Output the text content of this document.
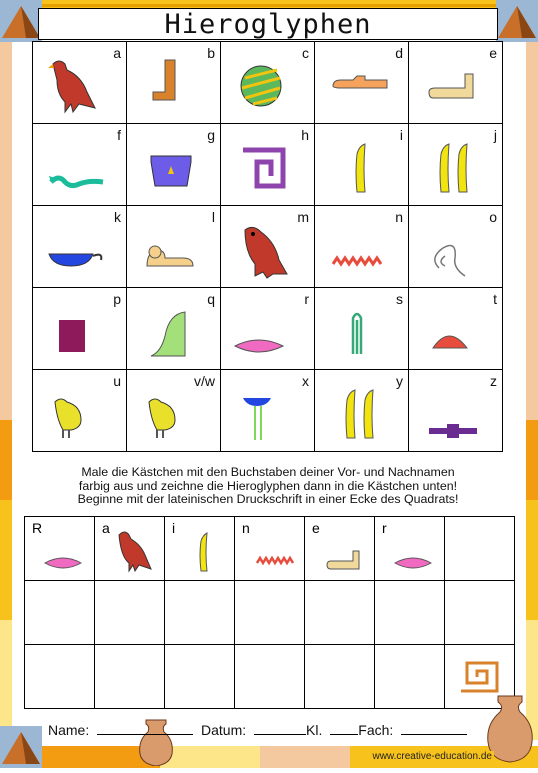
Hieroglyphen
a	b	c	d	e

f	g	h	i	j

k	l	m	n	o

p	q	r	s	t

u	v/w	x	y	z
Male die Kästchen mit den Buchstaben deiner Vor- und Nachnamen
farbig aus und zeichne die Hieroglyphen dann in die Kästchen unten!
Beginne mit der lateinischen Druckschrift in einer Ecke des Quadrats!
R	a	i	n	e	r	

Name:	Datum:	Kl.	Fach:
www.creative-education.de
